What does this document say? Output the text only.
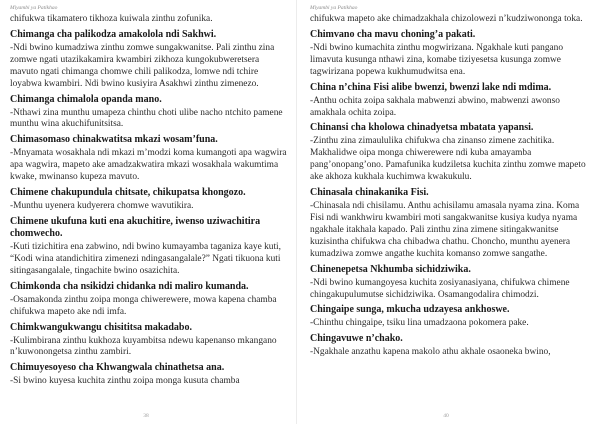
Miyambi ya Patikhao
chifukwa tikamatero tikhoza kuiwala zinthu zofunika.
Chimanga cha palikodza amakolola ndi Sakhwi.
-Ndi bwino kumadziwa zinthu zomwe sungakwanitse. Pali zinthu zina zomwe ngati utazikakamira kwambiri zikhoza kungokubweretsera mavuto ngati chimanga chomwe chili palikodza, lomwe ndi tchire loyabwa kwambiri. Ndi bwino kusiyira Asakhwi zinthu zimenezo.
Chimanga chimalola opanda mano.
-Nthawi zina munthu umapeza chinthu choti ulibe nacho ntchito pamene munthu wina akuchifunitsitsa.
Chimasomaso chinakwatitsa mkazi wosam’funa.
-Mnyamata wosakhala ndi mkazi m’modzi koma kumangoti apa wagwira apa wagwira, mapeto ake amadzakwatira mkazi wosakhala wakumtima kwake, mwinanso kupeza mavuto.
Chimene chakupundula chitsate, chikupatsa khongozo.
-Munthu uyenera kudyerera chomwe wavutikira.
Chimene ukufuna kuti ena akuchitire, iwenso uziwachitira chomwecho.
-Kuti tizichitira ena zabwino, ndi bwino kumayamba taganiza kaye kuti, “Kodi wina atandichitira zimenezi ndingasangalale?” Ngati tikuona kuti sitingasangalale, tingachite bwino osazichita.
Chimkonda cha nsikidzi chidanka ndi maliro kumanda.
-Osamakonda zinthu zoipa monga chiwerewere, mowa kapena chamba chifukwa mapeto ake ndi imfa.
Chimkwangukwangu chisititsa makadabo.
-Kulimbirana zinthu kukhoza kuyambitsa ndewu kapenanso mkangano n’kuwonongetsa zinthu zambiri.
Chimuyesoyeso cha Khwangwala chinathetsa ana.
-Si bwino kuyesa kuchita zinthu zoipa monga kusuta chamba
38
Miyambi ya Patikhao
chifukwa mapeto ake chimadzakhala chizolowezi n’kudziwononga toka.
Chimvano cha mavu choning’a pakati.
-Ndi bwino kumachita zinthu mogwirizana. Ngakhale kuti pangano limavuta kusunga nthawi zina, komabe tiziyesetsa kusunga zomwe tagwirizana popewa kukhumudwitsa ena.
China n’china Fisi alibe bwenzi, bwenzi lake ndi mdima.
-Anthu ochita zoipa sakhala mabwenzi abwino, mabwenzi awonso amakhala ochita zoipa.
Chinansi cha kholowa chinadyetsa mbatata yapansi.
-Zinthu zina zimaululika chifukwa cha zinanso zimene zachitika. Makhalidwe oipa monga chiwerewere ndi kuba amayamba pang’onopang’ono. Pamafunika kudziletsa kuchita zinthu zomwe mapeto ake akhoza kukhala kuchimwa kwakukulu.
Chinasala chinakanika Fisi.
-Chinasala ndi chisilamu. Anthu achisilamu amasala nyama zina. Koma Fisi ndi wankhwiru kwambiri moti sangakwanitse kusiya kudya nyama ngakhale itakhala kapado. Pali zinthu zina zimene sitingakwanitse kuzisintha chifukwa cha chibadwa chathu. Choncho, munthu ayenera kumadziwa zomwe angathe kuchita komanso zomwe sangathe.
Chinenepetsa Nkhumba sichidziwika.
-Ndi bwino kumangoyesa kuchita zosiyanasiyana, chifukwa chimene chingakupulumutse sichidziwika. Osamangodalira chimodzi.
Chingaipe sunga, mkucha udzayesa ankhoswe.
-Chinthu chingaipe, tsiku lina umadzaona pokomera pake.
Chingavuwe n’chako.
-Ngakhale anzathu kapena makolo athu akhale osaoneka bwino,
40
